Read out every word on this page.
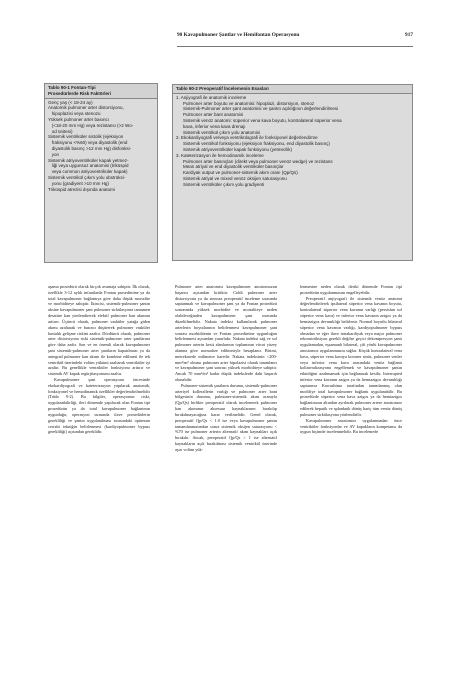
90 Kavapulmoner Şantlar ve Hemifontan Operasyonu	917
Tablo 90-1 Fontan-Tipi
Prosedürlerde Risk Faktörleri
Genç yaş (< 18-24 ay)
Anatomik pulmoner arter distorsiyonu,
hipoplazisi veya stenozu
Yüksek pulmoner arter basıncı
(<18-20 mm Hg) veya rezistansı (>2 Wo-
od ünitesi)
Sistemik ventriküler sistolik (ejeksiyon
fraksiyonu <%60) veya diyastolik (end
diyastolik basınç >12 mm Hg) disfonksi-
yon
Sistemik atriyoventriküler kapak yetmez-
liği veya uygunsuz anatomisi (triküspid
veya common atriyoventriküler kapak)
Sistemik ventrikül çıkım yolu obstrüksi-
yonu (gradiyent >10 mm Hg)
Triküspid atrezisi dışında anatomi
Tablo 90-2 Preoperatif İncelemenin Esasları
1. Anjiyografi ile anatomik inceleme
Pulmoner arter boyutu ve anatomisi: hipoplazi, distorsiyon, stenoz
Sistemik-Pulmoner arter şant anatomisi ve şantın açıklığının değerlendirilmesi
Pulmoner arter bant anatomisi
Sistemik venöz anatomi: süperior vena kava boyutu, kontralateral süperior vena
kava, inferior vena kava drenajı
Sistemik ventrikül çıkım yolu anatomisi
2. Ekokardiyografi ve/veya ventrikülografi ile fonksiyonel değerlendirme
Sistemik ventrikül fonksiyonu (ejeksiyon fraksiyonu, end diyastolik basınç)
Sistemik atriyoventriküler kapak fonksiyonu (yetmezlik)
3. Kateterizasyon ile hemodinamik inceleme
Pulmoner arter basınçları (direkt veya pulmoner venöz wedge) ve rezistans
Mean atriyal ve end diyastolik ventriküler basınçlar
Kardiyak output ve pulmoner-sistemik akım oranı (Qp/Qs)
Sistemik atriyal ve mixed venöz oksijen saturasyonu
Sistemik ventriküler çıkım yolu gradiyenti

aşama prosedürü olarak birçok avantaja sahiptir. İlk olarak, özellikle 3-12 aylık infantlarda Fontan prosedürüne ya da total kavapulmoner bağlantıya göre daha düşük mortalite ve morbiditeye sahiptir. İkincisi, sistemik-pulmoner şantın aksine kavapulmoner şant pulmoner sirkülasyona tamamen desatüre kan yönlendirerek efektif pulmoner kan akımını arttırır. Üçüncü olarak, pulmoner vasküler yatağa giden akımı azaltarak ve basıncı düşürerek pulmoner vasküler hastalık gelişme riskini azaltır. Dördüncü olarak, pulmoner arter distorsiyonu riski sistemik-pulmoner arter şantlarına göre daha azdır. Son ve en önemli olarak kavapulmoner şant sistemik-pulmoner arter şantların kapatılması ya da antegrad pulmoner kan akımı ile kombine edilmesi ile tek ventrikül üzerindeki volüm yükünü azaltarak ventriküler işi azaltır. Bu genellikle ventriküler fonksiyonu arttırır ve sistemik AV kapak regürjitasyonunu azaltır.

Kavapulmoner şant operasyonu öncesinde ekokardiyografi ve kateterizasyon yapılarak anatomik, fonksiyonel ve hemodinamik özellikler değerlendirilmelidir (Tablo 9-2). Bu bilgiler, operasyonun riski, uygulanabilirliği, ileri dönemde yapılacak olan Fontan tipi prosedürün ya da total kavapulmoner bağlantının uygunluğu, operasyon sırasında ilave prosedürlerin gerekliliği ve şantın uygulanılması sırasındaki optimum cerrahi tekniğin belirlenmesi (kardiyopulmoner bypass gerekliliği) açısından gereklidir.

Pulmoner arter anatomisi kavapulmoner anostomozun başarısı açısından kritiktir. Ciddi pulmoner arter distorsiyonu ya da stenoza preoperatif inceleme sırasında saptanmalı ve kavapulmoner şant ya da Fontan prosedürü sonrasında yüksek morbidite ve mortaliteye neden olabileceğinden kavapulmoner şant sırasında düzeltilmelidir. Nakata indeksi kullanılarak pulmoner arterlerin boyutlarının belirlenmesi kavapulmoner şant sonrası morbiditenin ve Fontan prosedürüne uygunluğun belirlenmesi açısından yararlıdır. Nakata indeksi sağ ve sol pulmoner arterin kesit alanlarının toplamının vücut yüzey alanına göre normalize edilmesiyle hesaplanır. Birimi, metrekarede milimetre karedir. Nakata indeksinin <200-mm²/m² olması pulmoner arter hipolazisi olarak tanımlanır ve kavapulmoner şant sonrası yüksek morbiditeye sahiptir. Ancak 70 mm²/m² kadar düşük indekslerde dahi başarılı olunabilir.

Pulmoner-sistemik şantların durumu, sistemik-pulmoner arteriyel kollerallerin varlığı ve pulmoner arter bant bölgesinin durumu, pulmoner-sistemik akım oranıyla (Qp/Qs) birlikte preoperatif olarak incelenerek pulmoner kan akımının aksesuar kaynaklarının bırakılıp bırakılmayacağına karar verilmelidir. Genel olarak, preoperatif Qp/Qs < 1.0 ise veya kavapulmoner şantın tamamlanmasından sonra sistemik oksijen saturasyonu < %70 ise pulmoner arterin alternatif akım kaynakları açık bırakılır. Ancak, preoperatif Qp/Qs > 1 ise alternatif kaynakların açık bırakılması sistemik ventrikül üzerinde aşırı volüm yük-

lenmesine neden olarak ileriki dönemde Fontan tipi prosedürün uygulanmasını engelleyebilir.

Preoperatif anjiyografi ile sistemik venöz anatomi değerlendirilerek ipsilateral süperior vena kavanın boyutu, kontralateral süperior vena kavanın varlığı (persistan sol süperior vena kava) ve inferior vena kavanın azigos ya da hemiazigos devamlılığı belirlenir. Normal boyutlu bilateral süperior vena kavanın varlığı, kardiyopulmoner bypass olmadan ve eğer ilave intrakardiyak veya major pulmoner rekonstrüksiyon gerekli değilse geçici dekompresyon şantı uygulamadan, eşzamanlı bilateral, çift yönlü kavapulmoner anostomoz uygulanmasını sağlar. Küçük kontralateral vena kava, süperior vena kavaya koroner sinüs, pulmoner venler veya inferior vena kava arasındaki venöz bağlantı kollateralizasyonu engellemek ve kavapulmoner şantın etkinliğini azaltmamak için bağlanarak kesilir. Interrupted inferior vena kavanın azigos ya da hemiazigos devamlılığı saptanırsa Kawashima tarafından tanımlanmış olan modifiye total kavapulmoner bağlantı uygulanabilir. Bu prosedürde süperior vena kava azigos ya da hemiazigos bağlantısının altından ayrılarak pulmoner artere anostomoz edilerek hepatik ve splanknik dönüş hariç tüm venöz dönüş pulmoner sirkülasyona yönlendirilir.

Kavapulmoner anostomoz uygulanmadan önce ventriküler fonksiyonlar ve AV kapakların kompetansı da uygun biçimde incelenmelidir. Bu incelemede
